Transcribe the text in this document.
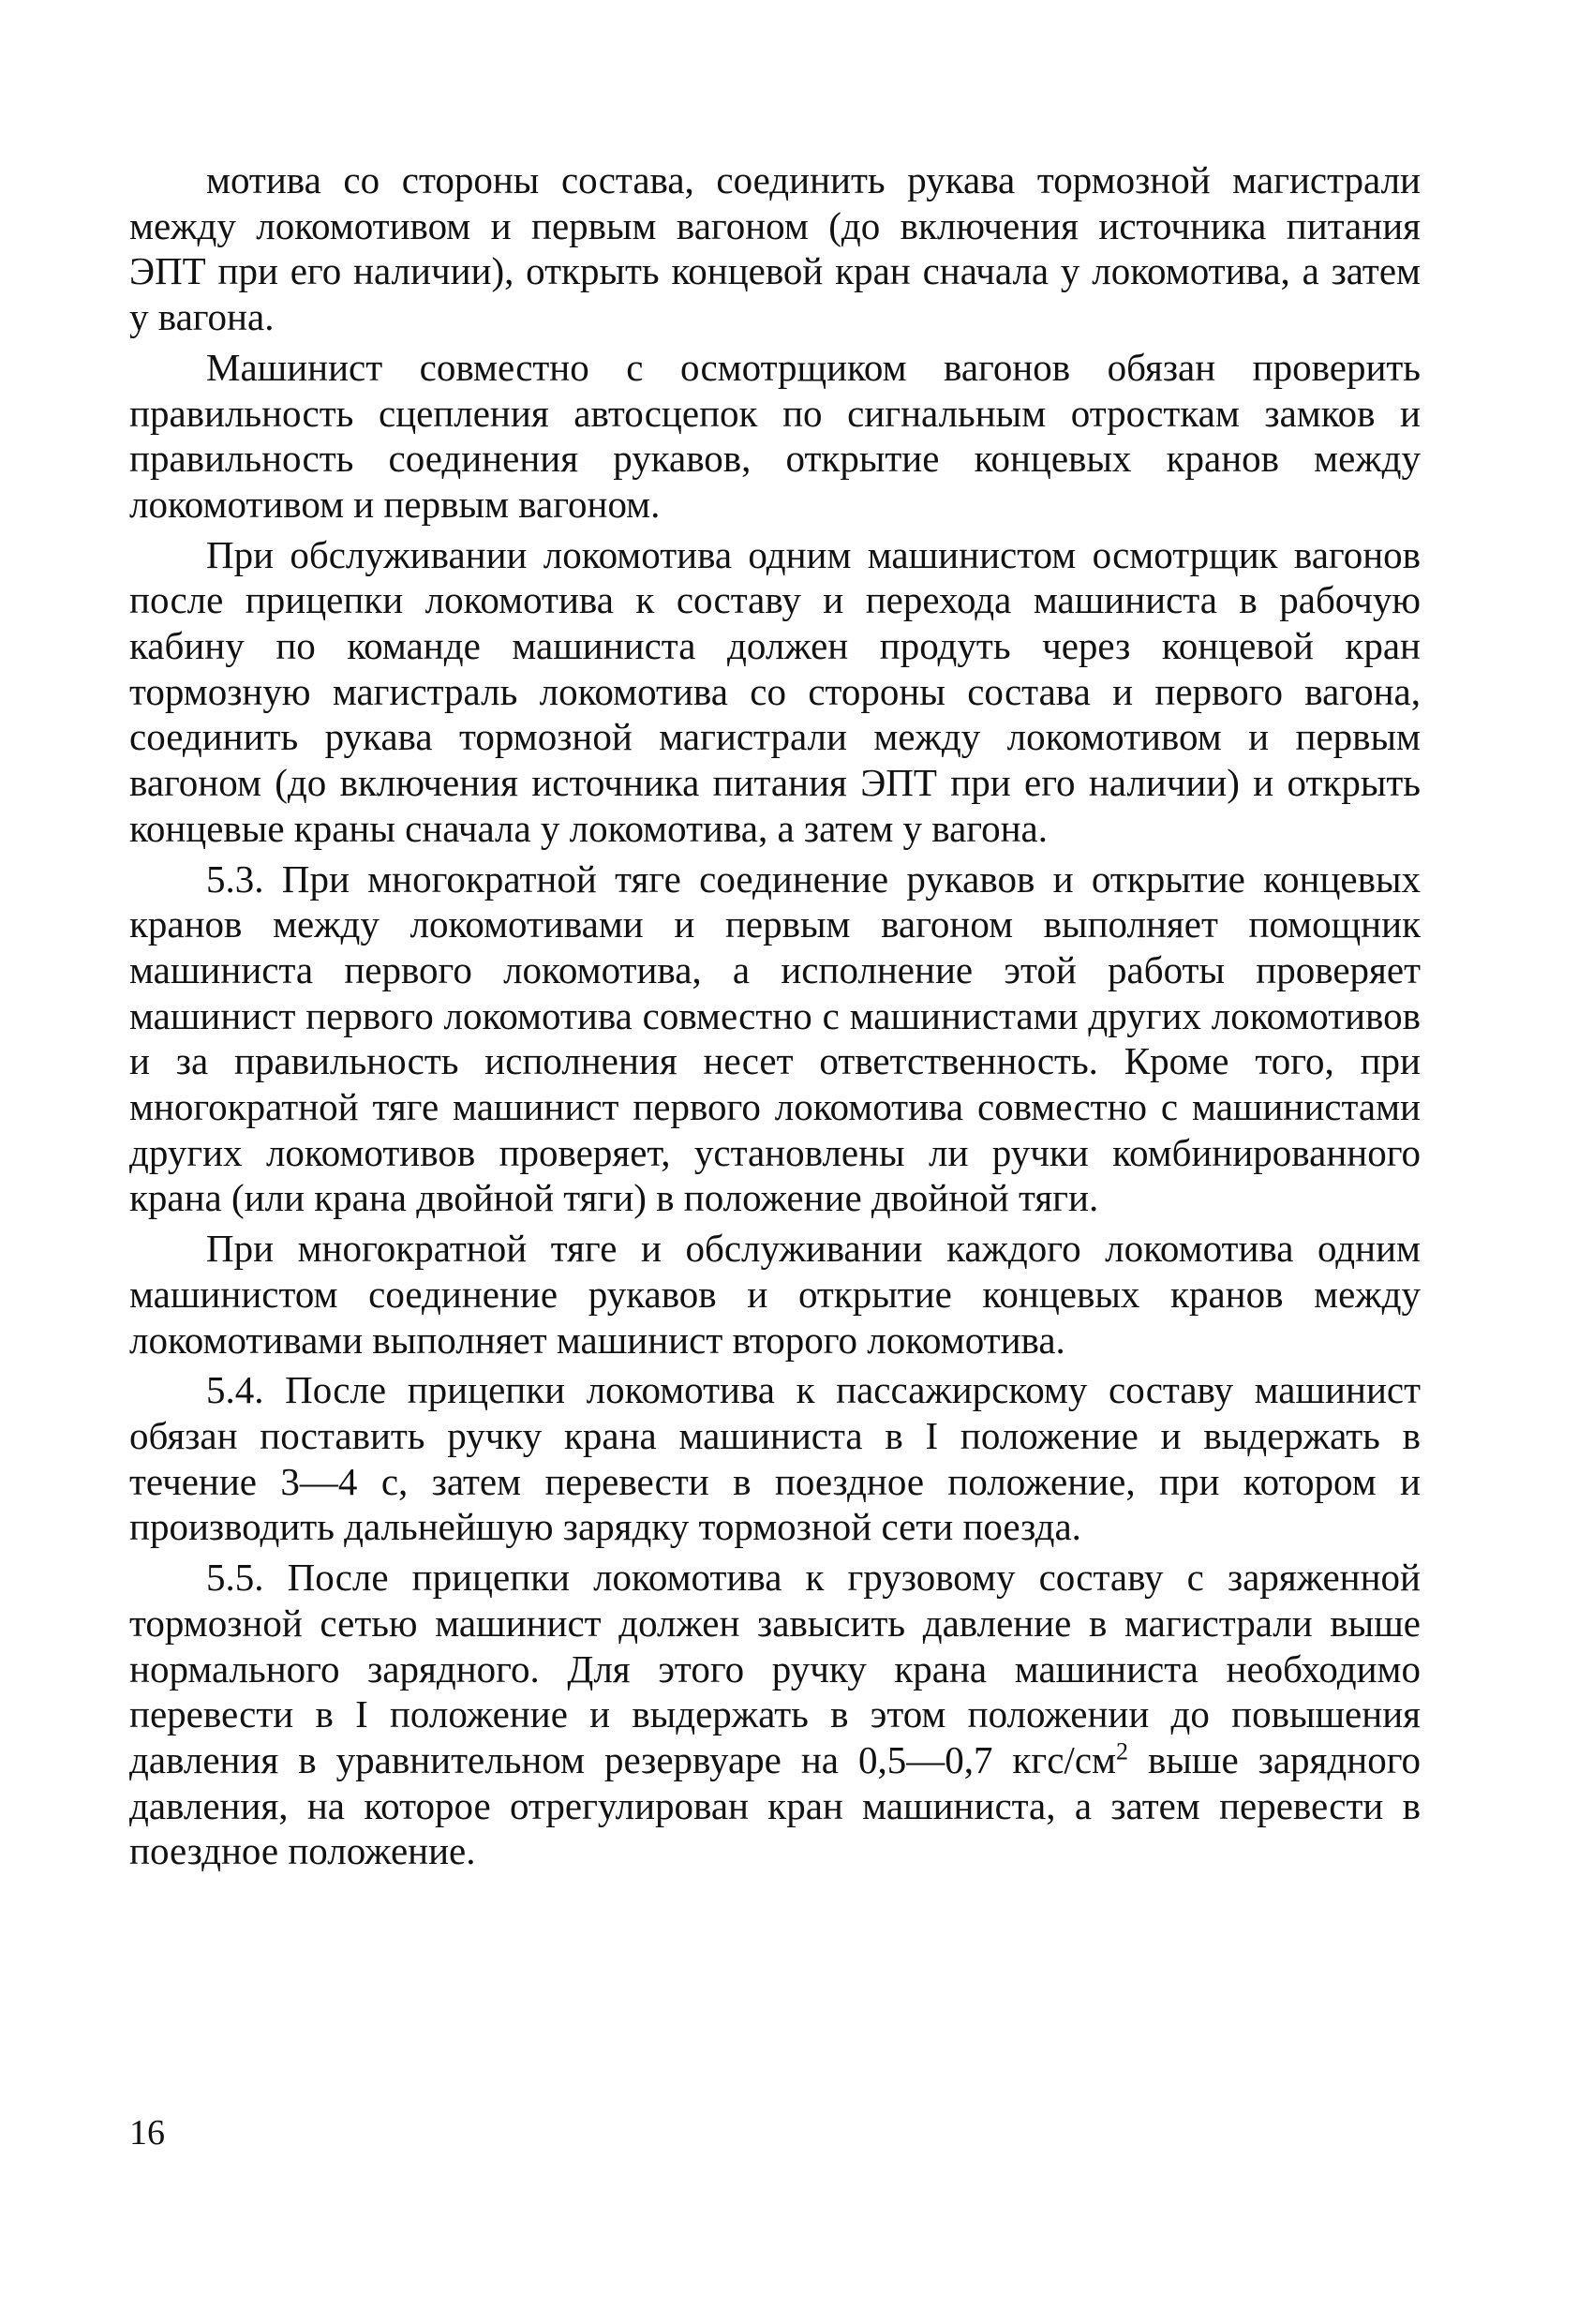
мотива со стороны состава, соединить рукава тормозной магистрали между локомотивом и первым вагоном (до включения источника питания ЭПТ при его наличии), открыть концевой кран сначала у локомотива, а затем у вагона.

Машинист совместно с осмотрщиком вагонов обязан проверить правильность сцепления автосцепок по сигнальным отросткам замков и правильность соединения рукавов, открытие концевых кранов между локомотивом и первым вагоном.

При обслуживании локомотива одним машинистом осмотрщик вагонов после прицепки локомотива к составу и перехода машиниста в рабочую кабину по команде машиниста должен продуть через концевой кран тормозную магистраль локомотива со стороны состава и первого вагона, соединить рукава тормозной магистрали между локомотивом и первым вагоном (до включения источника питания ЭПТ при его наличии) и открыть концевые краны сначала у локомотива, а затем у вагона.

5.3. При многократной тяге соединение рукавов и открытие концевых кранов между локомотивами и первым вагоном выполняет помощник машиниста первого локомотива, а исполнение этой работы проверяет машинист первого локомотива совместно с машинистами других локомотивов и за правильность исполнения несет ответственность. Кроме того, при многократной тяге машинист первого локомотива совместно с машинистами других локомотивов проверяет, установлены ли ручки комбинированного крана (или крана двойной тяги) в положение двойной тяги.

При многократной тяге и обслуживании каждого локомотива одним машинистом соединение рукавов и открытие концевых кранов между локомотивами выполняет машинист второго локомотива.

5.4. После прицепки локомотива к пассажирскому составу машинист обязан поставить ручку крана машиниста в I положение и выдержать в течение 3—4 с, затем перевести в поездное положение, при котором и производить дальнейшую зарядку тормозной сети поезда.

5.5. После прицепки локомотива к грузовому составу с заряженной тормозной сетью машинист должен завысить давление в магистрали выше нормального зарядного. Для этого ручку крана машиниста необходимо перевести в I положение и выдержать в этом положении до повышения давления в уравнительном резервуаре на 0,5—0,7 кгс/$см^2$ выше зарядного давления, на которое отрегулирован кран машиниста, а затем перевести в поездное положение.

16
